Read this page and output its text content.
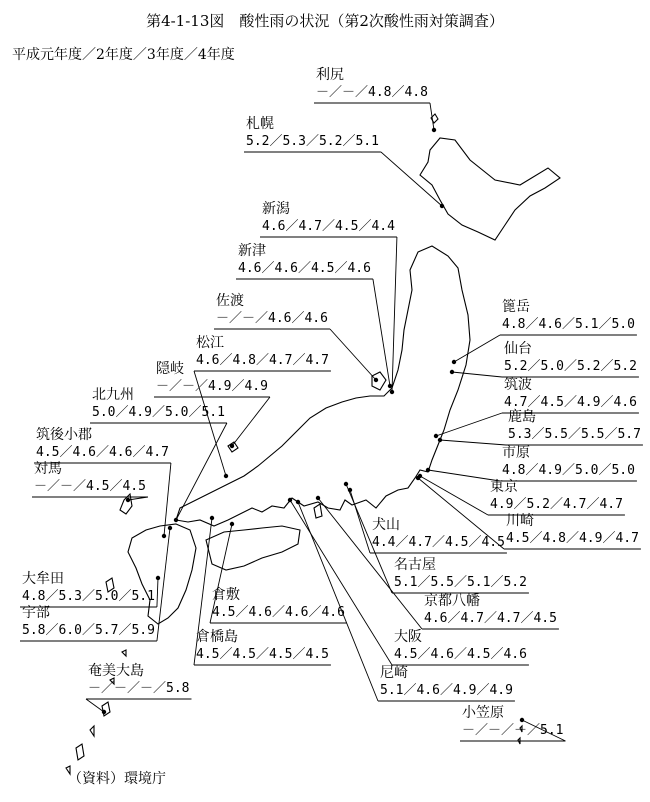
第4-1-13図　酸性雨の状況（第2次酸性雨対策調査）
平成元年度／2年度／3年度／4年度
（資料）環境庁
利尻
－／－／4.8／4.8
札幌
5.2／5.3／5.2／5.1
新潟
4.6／4.7／4.5／4.4
新津
4.6／4.6／4.5／4.6
佐渡
－／－／4.6／4.6
松江
4.6／4.8／4.7／4.7
隠岐
－／－／4.9／4.9
北九州
5.0／4.9／5.0／5.1
筑後小郡
4.5／4.6／4.6／4.7
対馬
－／－／4.5／4.5
大牟田
4.8／5.3／5.0／5.1
宇部
5.8／6.0／5.7／5.9
奄美大島
－／－／－／5.8
倉敷
4.5／4.6／4.6／4.6
倉橋島
4.5／4.5／4.5／4.5
尼崎
5.1／4.6／4.9／4.9
大阪
4.5／4.6／4.5／4.6
京都八幡
4.6／4.7／4.7／4.5
名古屋
5.1／5.5／5.1／5.2
犬山
4.4／4.7／4.5／4.5
川崎
4.5／4.8／4.9／4.7
東京
4.9／5.2／4.7／4.7
市原
4.8／4.9／5.0／5.0
鹿島
5.3／5.5／5.5／5.7
筑波
4.7／4.5／4.9／4.6
仙台
5.2／5.0／5.2／5.2
篦岳
4.8／4.6／5.1／5.0
小笠原
－／－／－／5.1
